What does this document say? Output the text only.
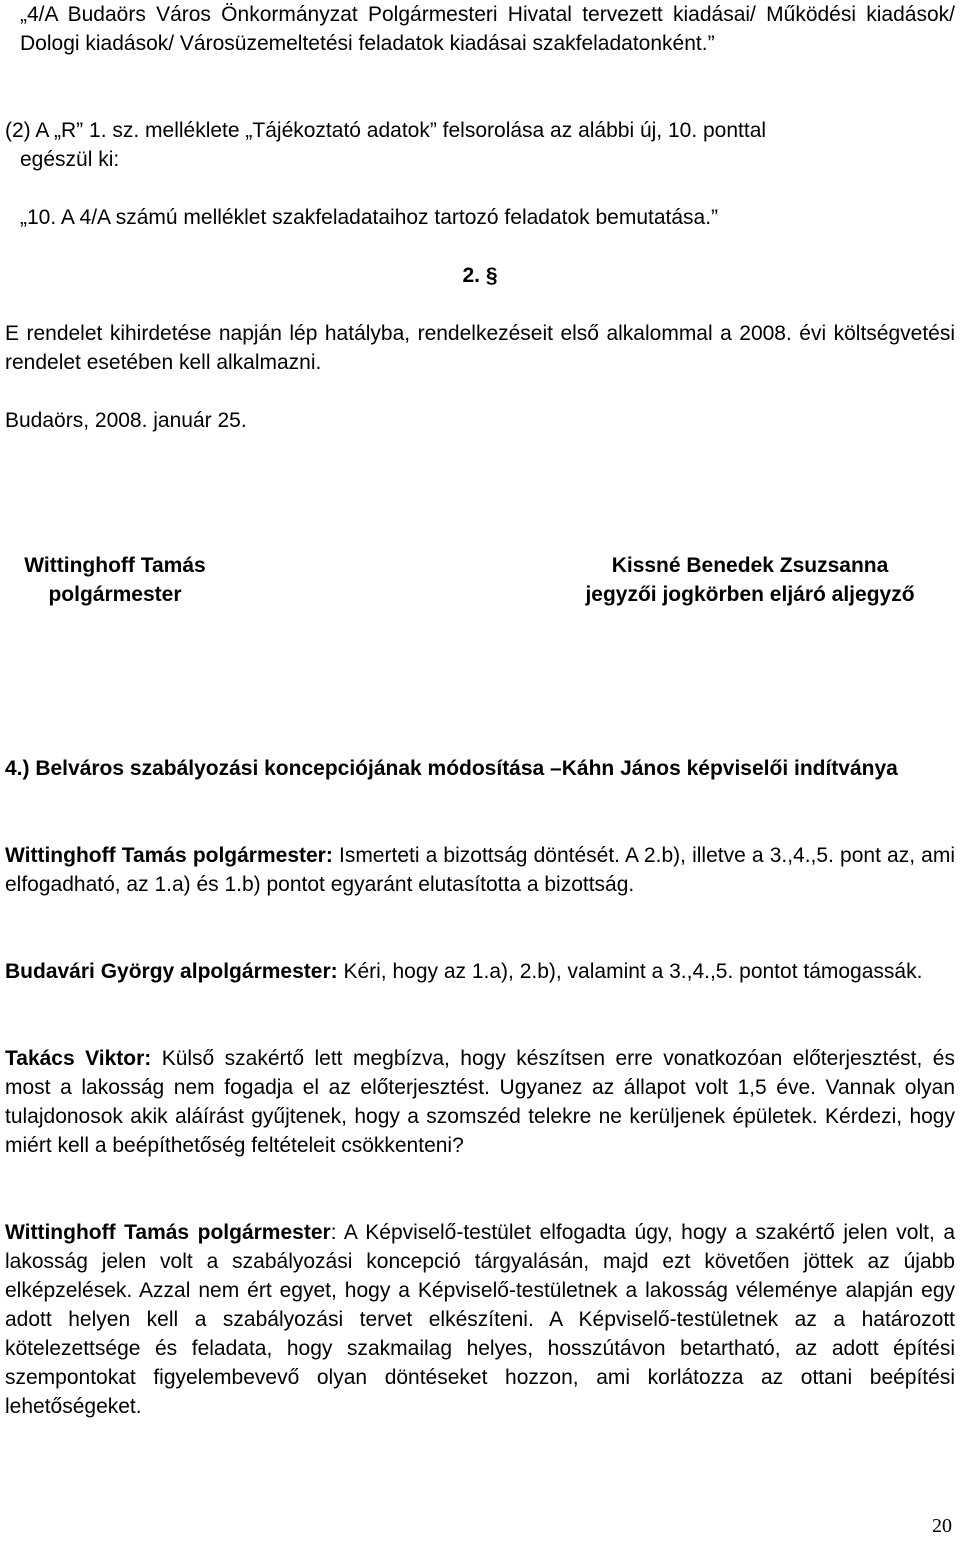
„4/A Budaörs Város Önkormányzat Polgármesteri Hivatal tervezett kiadásai/ Működési kiadások/ Dologi kiadások/ Városüzemeltetési feladatok kiadásai szakfeladatonként.”

(2) A „R” 1. sz. melléklete „Tájékoztató adatok” felsorolása az alábbi új, 10. ponttal

egészül ki:

„10. A 4/A számú melléklet szakfeladataihoz tartozó feladatok bemutatása.”

2. §

E rendelet kihirdetése napján lép hatályba, rendelkezéseit első alkalommal a 2008. évi költségvetési rendelet esetében kell alkalmazni.

Budaörs, 2008. január 25.

Wittinghoff Tamás
polgármester
Kissné Benedek Zsuzsanna
jegyzői jogkörben eljáró aljegyző

4.) Belváros szabályozási koncepciójának módosítása –Káhn János képviselői indítványa

Wittinghoff Tamás polgármester: Ismerteti a bizottság döntését. A 2.b), illetve a 3.,4.,5. pont az, ami elfogadható, az 1.a) és 1.b) pontot egyaránt elutasította a bizottság.

Budavári György alpolgármester: Kéri, hogy az 1.a), 2.b), valamint a 3.,4.,5. pontot támogassák.

Takács Viktor: Külső szakértő lett megbízva, hogy készítsen erre vonatkozóan előterjesztést, és most a lakosság nem fogadja el az előterjesztést. Ugyanez az állapot volt 1,5 éve. Vannak olyan tulajdonosok akik aláírást gyűjtenek, hogy a szomszéd telekre ne kerüljenek épületek. Kérdezi, hogy miért kell a beépíthetőség feltételeit csökkenteni?

Wittinghoff Tamás polgármester: A Képviselő-testület elfogadta úgy, hogy a szakértő jelen volt, a lakosság jelen volt a szabályozási koncepció tárgyalásán, majd ezt követően jöttek az újabb elképzelések. Azzal nem ért egyet, hogy a Képviselő-testületnek a lakosság véleménye alapján egy adott helyen kell a szabályozási tervet elkészíteni. A Képviselő-testületnek az a határozott kötelezettsége és feladata, hogy szakmailag helyes, hosszútávon betartható, az adott építési szempontokat figyelembevevő olyan döntéseket hozzon, ami korlátozza az ottani beépítési lehetőségeket.

20
